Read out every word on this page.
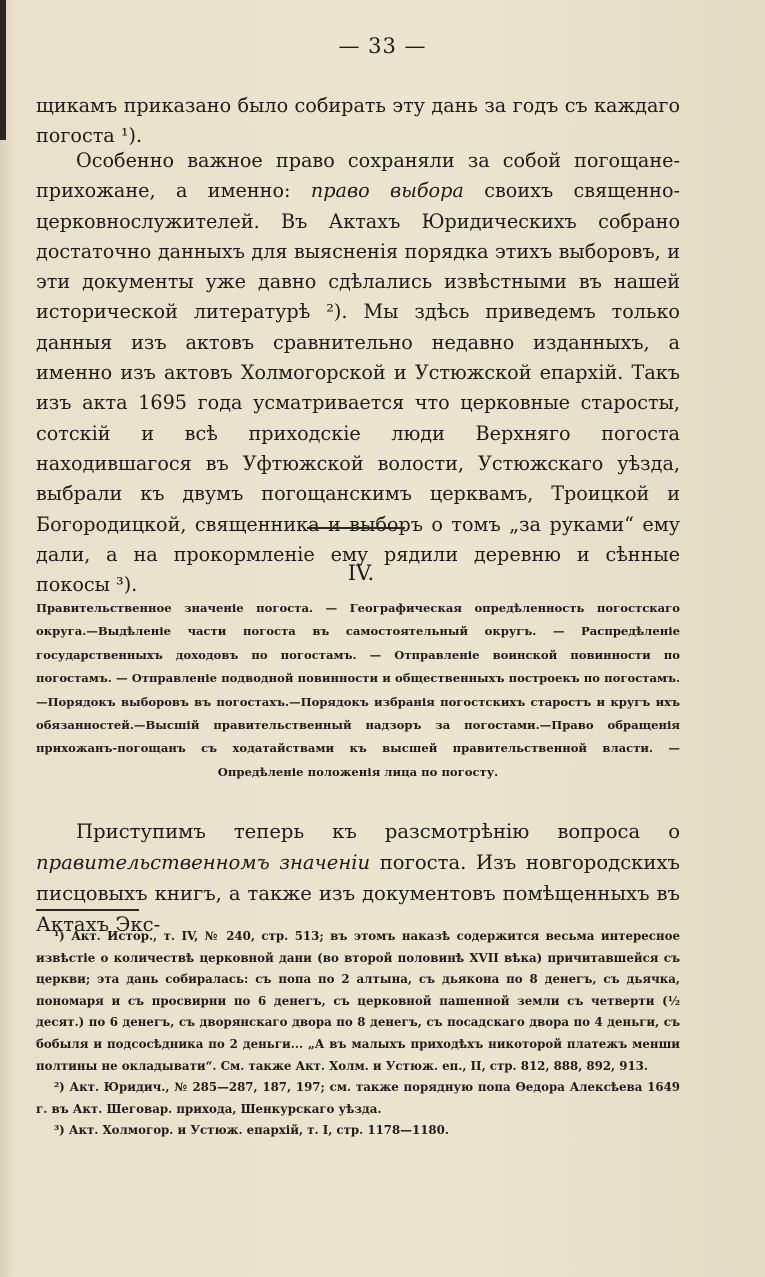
— 33 —

щикамъ приказано было собирать эту дань за годъ съ каждаго погоста ¹).

Особенно важное право сохраняли за собой погощане-прихожане, а именно: право выбора своихъ священно-церковнослужителей. Въ Актахъ Юридическихъ собрано достаточно данныхъ для выясненія порядка этихъ выборовъ, и эти документы уже давно сдѣлались извѣстными въ нашей исторической литературѣ ²). Мы здѣсь приведемъ только данныя изъ актовъ сравнительно недавно изданныхъ, а именно изъ актовъ Холмогорской и Устюжской епархій. Такъ изъ акта 1695 года усматривается что церковные старосты, сотскій и всѣ приходскіе люди Верхняго погоста находившагося въ Уфтюжской волости, Устюжскаго уѣзда, выбрали къ двумъ погощанскимъ церквамъ, Троицкой и Богородицкой, священника и выборъ о томъ „за руками“ ему дали, а на прокормленіе ему рядили деревню и сѣнные покосы ³).	IV.
Правительственное значеніе погоста. — Географическая опредѣленность погостскаго округа.—Выдѣленіе части погоста въ самостоятельный округъ. — Распредѣленіе государственныхъ доходовъ по погостамъ. — Отправленіе воинской повинности по погостамъ. — Отправленіе подводной повинности и общественныхъ построекъ по погостамъ.—Порядокъ выборовъ въ погостахъ.—Порядокъ избранія погостскихъ старостъ и кругъ ихъ обязанностей.—Высшій правительственный надзоръ за погостами.—Право обращенія прихожанъ-погощанъ съ ходатайствами къ высшей правительственной власти. — Опредѣленіе положенія лица по погосту.

Приступимъ теперь къ разсмотрѣнію вопроса о правительственномъ значеніи погоста. Изъ новгородскихъ писцовыхъ книгъ, а также изъ документовъ помѣщенныхъ въ Актахъ Экс-

¹) Акт. Истор., т. IV, № 240, стр. 513; въ этомъ наказѣ содержится весьма интересное извѣстіе о количествѣ церковной дани (во второй половинѣ XVII вѣка) причитавшейся съ церкви; эта дань собиралась: съ попа по 2 алтына, съ дьякона по 8 денегъ, съ дьячка, пономаря и съ просвирни по 6 денегъ, съ церковной пашенной земли съ четверти (½ десят.) по 6 денегъ, съ дворянскаго двора по 8 денегъ, съ посадскаго двора по 4 деньги, съ бобыля и подсосѣдника по 2 деньги... „А въ малыхъ приходѣхъ никоторой платежъ менши полтины не окладывати“. См. также Акт. Холм. и Устюж. еп., II, стр. 812, 888, 892, 913.

²) Акт. Юридич., № 285—287, 187, 197; см. также порядную попа Ѳедора Алексѣева 1649 г. въ Акт. Шеговар. прихода, Шенкурскаго уѣзда.

³) Акт. Холмогор. и Устюж. епархій, т. I, стр. 1178—1180.
